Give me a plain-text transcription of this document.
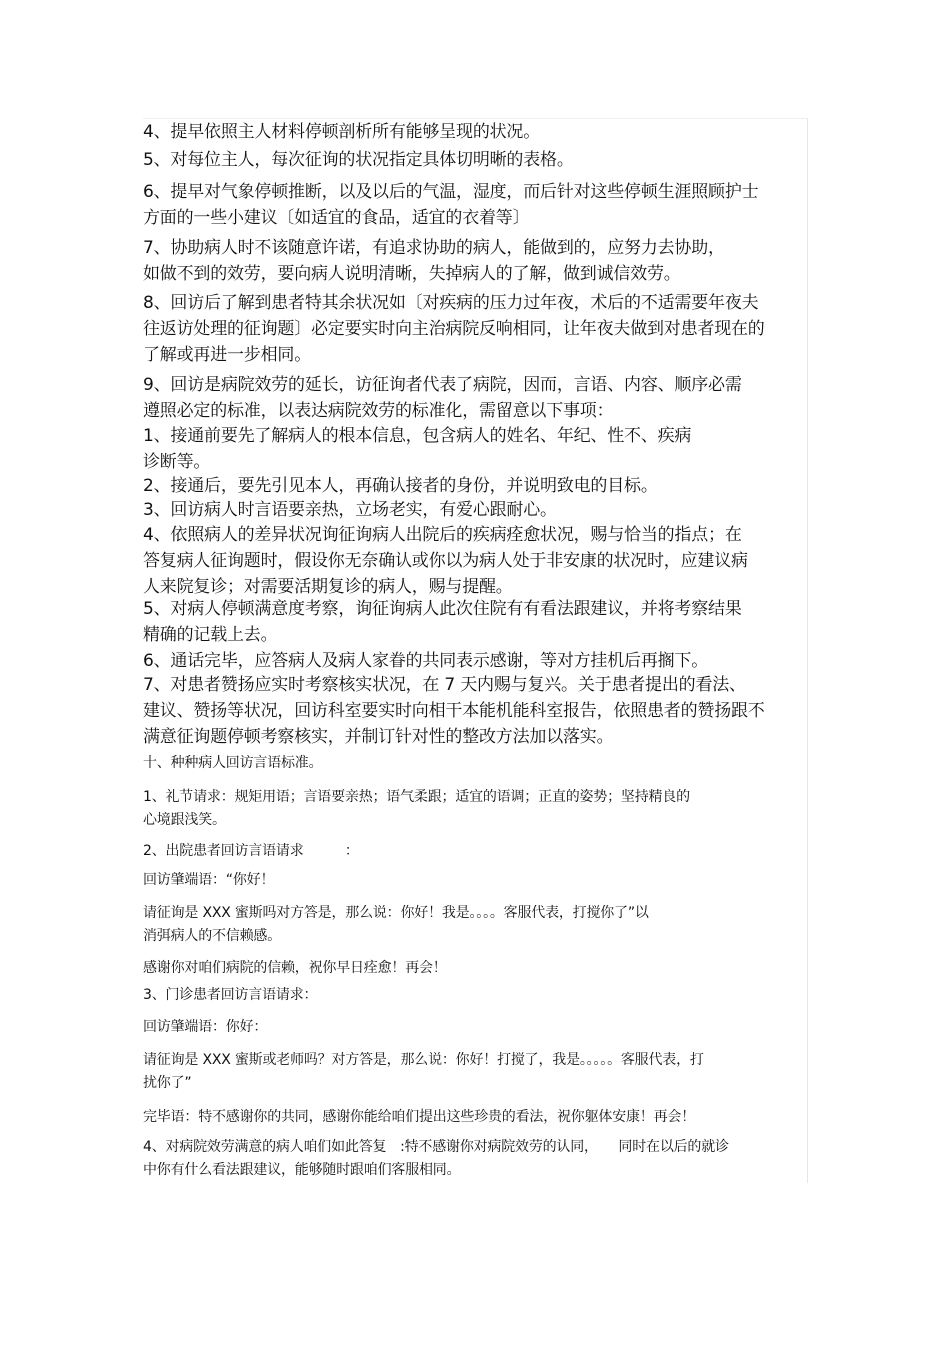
4、提早依照主人材料停顿剖析所有能够呈现的状况。
5、对每位主人，每次征询的状况指定具体切明晰的表格。
6、提早对气象停顿推断，以及以后的气温，湿度，而后针对这些停顿生涯照顾护士
方面的一些小建议〔如适宜的食品，适宜的衣着等〕
7、协助病人时不该随意许诺，有追求协助的病人，能做到的，应努力去协助，
如做不到的效劳，要向病人说明清晰，失掉病人的了解，做到诚信效劳。
8、回访后了解到患者特其余状况如〔对疾病的压力过年夜，术后的不适需要年夜夫
往返访处理的征询题〕必定要实时向主治病院反响相同，让年夜夫做到对患者现在的
了解或再进一步相同。
9、回访是病院效劳的延长，访征询者代表了病院，因而，言语、内容、顺序必需
遵照必定的标准，以表达病院效劳的标准化，需留意以下事项：
1、接通前要先了解病人的根本信息，包含病人的姓名、年纪、性不、疾病
诊断等。
2、接通后，要先引见本人，再确认接者的身份，并说明致电的目标。
3、回访病人时言语要亲热，立场老实，有爱心跟耐心。
4、依照病人的差异状况询征询病人出院后的疾病痊愈状况，赐与恰当的指点；在
答复病人征询题时，假设你无奈确认或你以为病人处于非安康的状况时，应建议病
人来院复诊；对需要活期复诊的病人，赐与提醒。
5、对病人停顿满意度考察，询征询病人此次住院有有看法跟建议，并将考察结果
精确的记载上去。
6、通话完毕，应答病人及病人家眷的共同表示感谢，等对方挂机后再搁下。
7、对患者赞扬应实时考察核实状况，在 7 天内赐与复兴。关于患者提出的看法、
建议、赞扬等状况，回访科室要实时向相干本能机能科室报告，依照患者的赞扬跟不
满意征询题停顿考察核实，并制订针对性的整改方法加以落实。
十、种种病人回访言语标准。
1、礼节请求：规矩用语；言语要亲热；语气柔跟；适宜的语调；正直的姿势；坚持精良的
心境跟浅笑。
2、出院患者回访言语请求　　　：
回访肇端语：“你好！
请征询是 XXX 蜜斯吗对方答是，那么说：你好！我是。。。。客服代表，打搅你了”以
消弭病人的不信赖感。
感谢你对咱们病院的信赖，祝你早日痊愈！再会！
3、门诊患者回访言语请求：
回访肇端语：你好：
请征询是 XXX 蜜斯或老师吗？对方答是，那么说：你好！打搅了，我是。。。。。客服代表，打
扰你了”
完毕语：特不感谢你的共同，感谢你能给咱们提出这些珍贵的看法，祝你躯体安康！再会！
4、对病院效劳满意的病人咱们如此答复　:特不感谢你对病院效劳的认同，　　同时在以后的就诊
中你有什么看法跟建议，能够随时跟咱们客服相同。
